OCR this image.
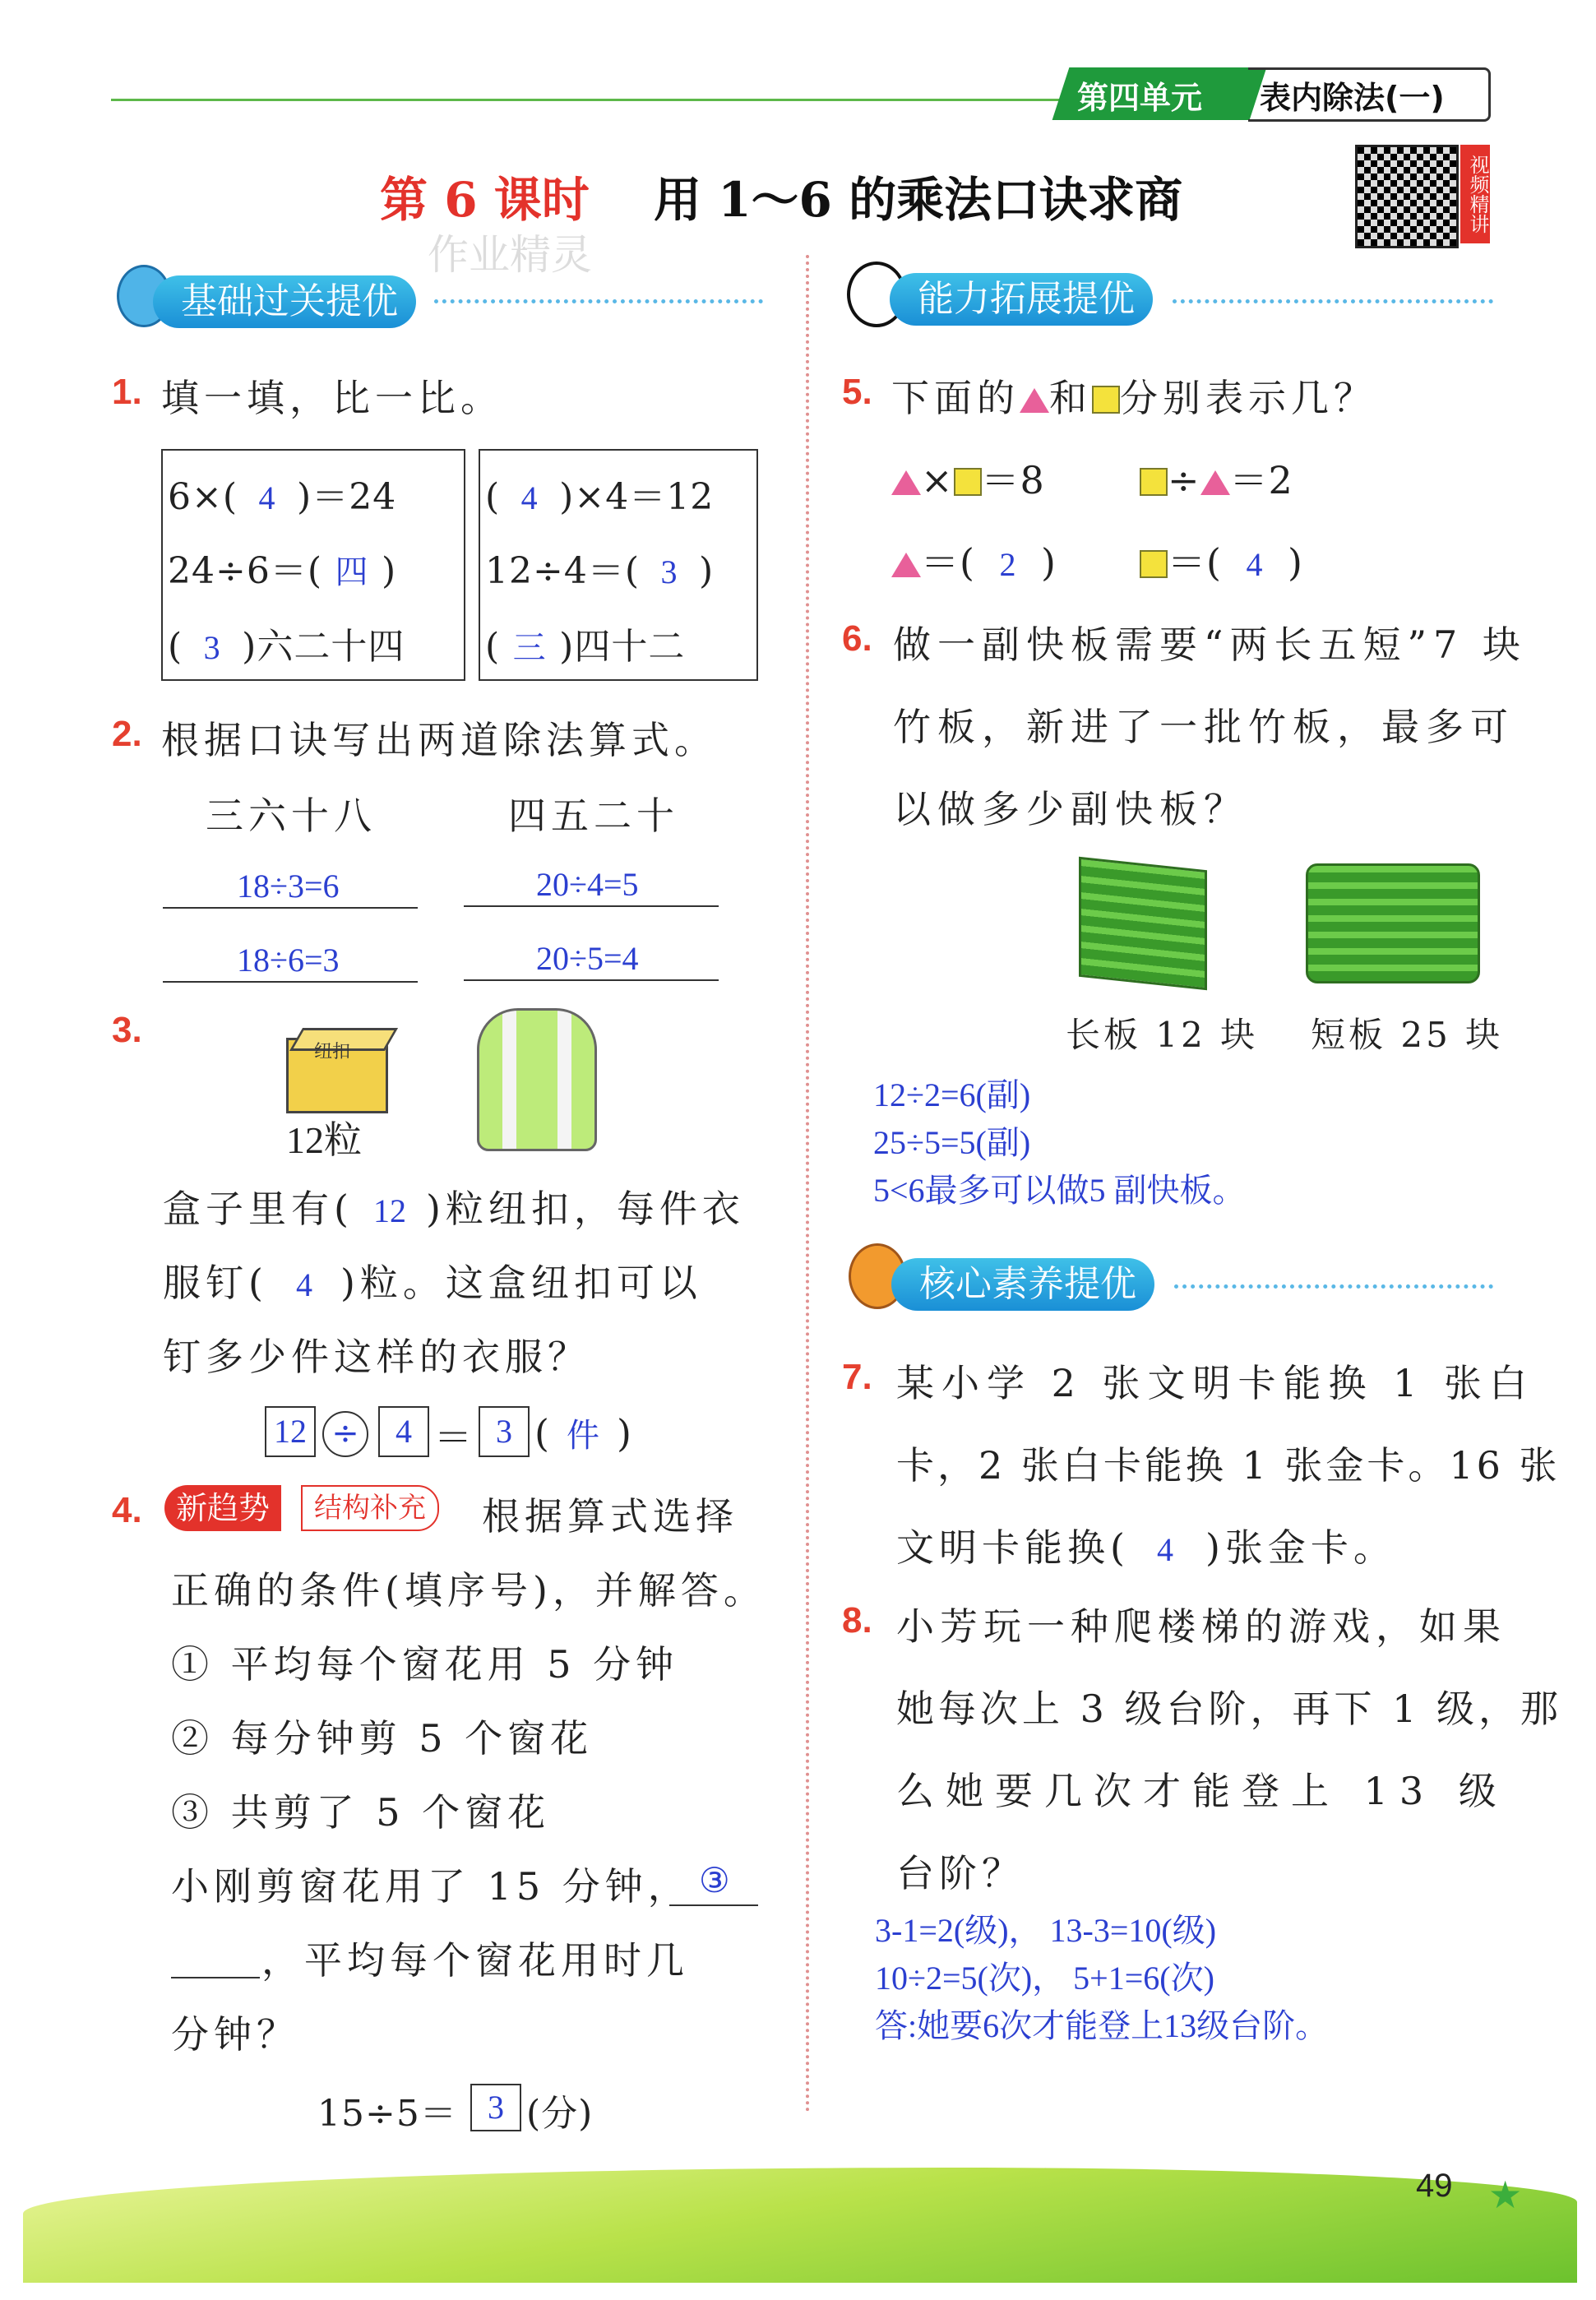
第四单元 表内除法(一)
第 6 课时 用 1～6 的乘法口诀求商
作业精灵
视频精讲
基础过关提优	能力拓展提优
核心素养提优
1. 填一填，比一比。
6×( 4 )＝24
24÷6＝( 四 )
( 3 )六二十四
( 4 )×4＝12
12÷4＝( 3 )
( 三 )四十二
2. 根据口诀写出两道除法算式。
三六十八	四五二十
18÷3=6
18÷6=3
20÷4=5
20÷5=4
3.
纽扣
12粒
盒子里有( 12 )粒纽扣，每件衣
服钉( 4 )粒。这盒纽扣可以
钉多少件这样的衣服？
12 ÷	4 ＝ 3 ( 件 )
4.	新趋势	结构补充	根据算式选择
正确的条件(填序号)，并解答。
① 平均每个窗花用 5 分钟
② 每分钟剪 5 个窗花
③ 共剪了 5 个窗花
小刚剪窗花用了 15 分钟， ③
，平均每个窗花用时几
分钟？
15÷5＝ 3 (分)
5. 下面的 和 分别表示几？
× ＝8	÷ ＝2
＝( 2 )	＝( 4 )
6. 做一副快板需要“两长五短”7 块
竹板，新进了一批竹板，最多可
以做多少副快板？
长板 12 块 短板 25 块
12÷2=6(副)
25÷5=5(副)
5<6最多可以做5 副快板。
7. 某小学 2 张文明卡能换 1 张白
卡，2 张白卡能换 1 张金卡。16 张
文明卡能换( 4 )张金卡。
8. 小芳玩一种爬楼梯的游戏，如果
她每次上 3 级台阶，再下 1 级，那
么她要几次才能登上 13 级
台阶？
3-1=2(级)， 13-3=10(级)
10÷2=5(次)， 5+1=6(次)
答:她要6次才能登上13级台阶。
49 ★
